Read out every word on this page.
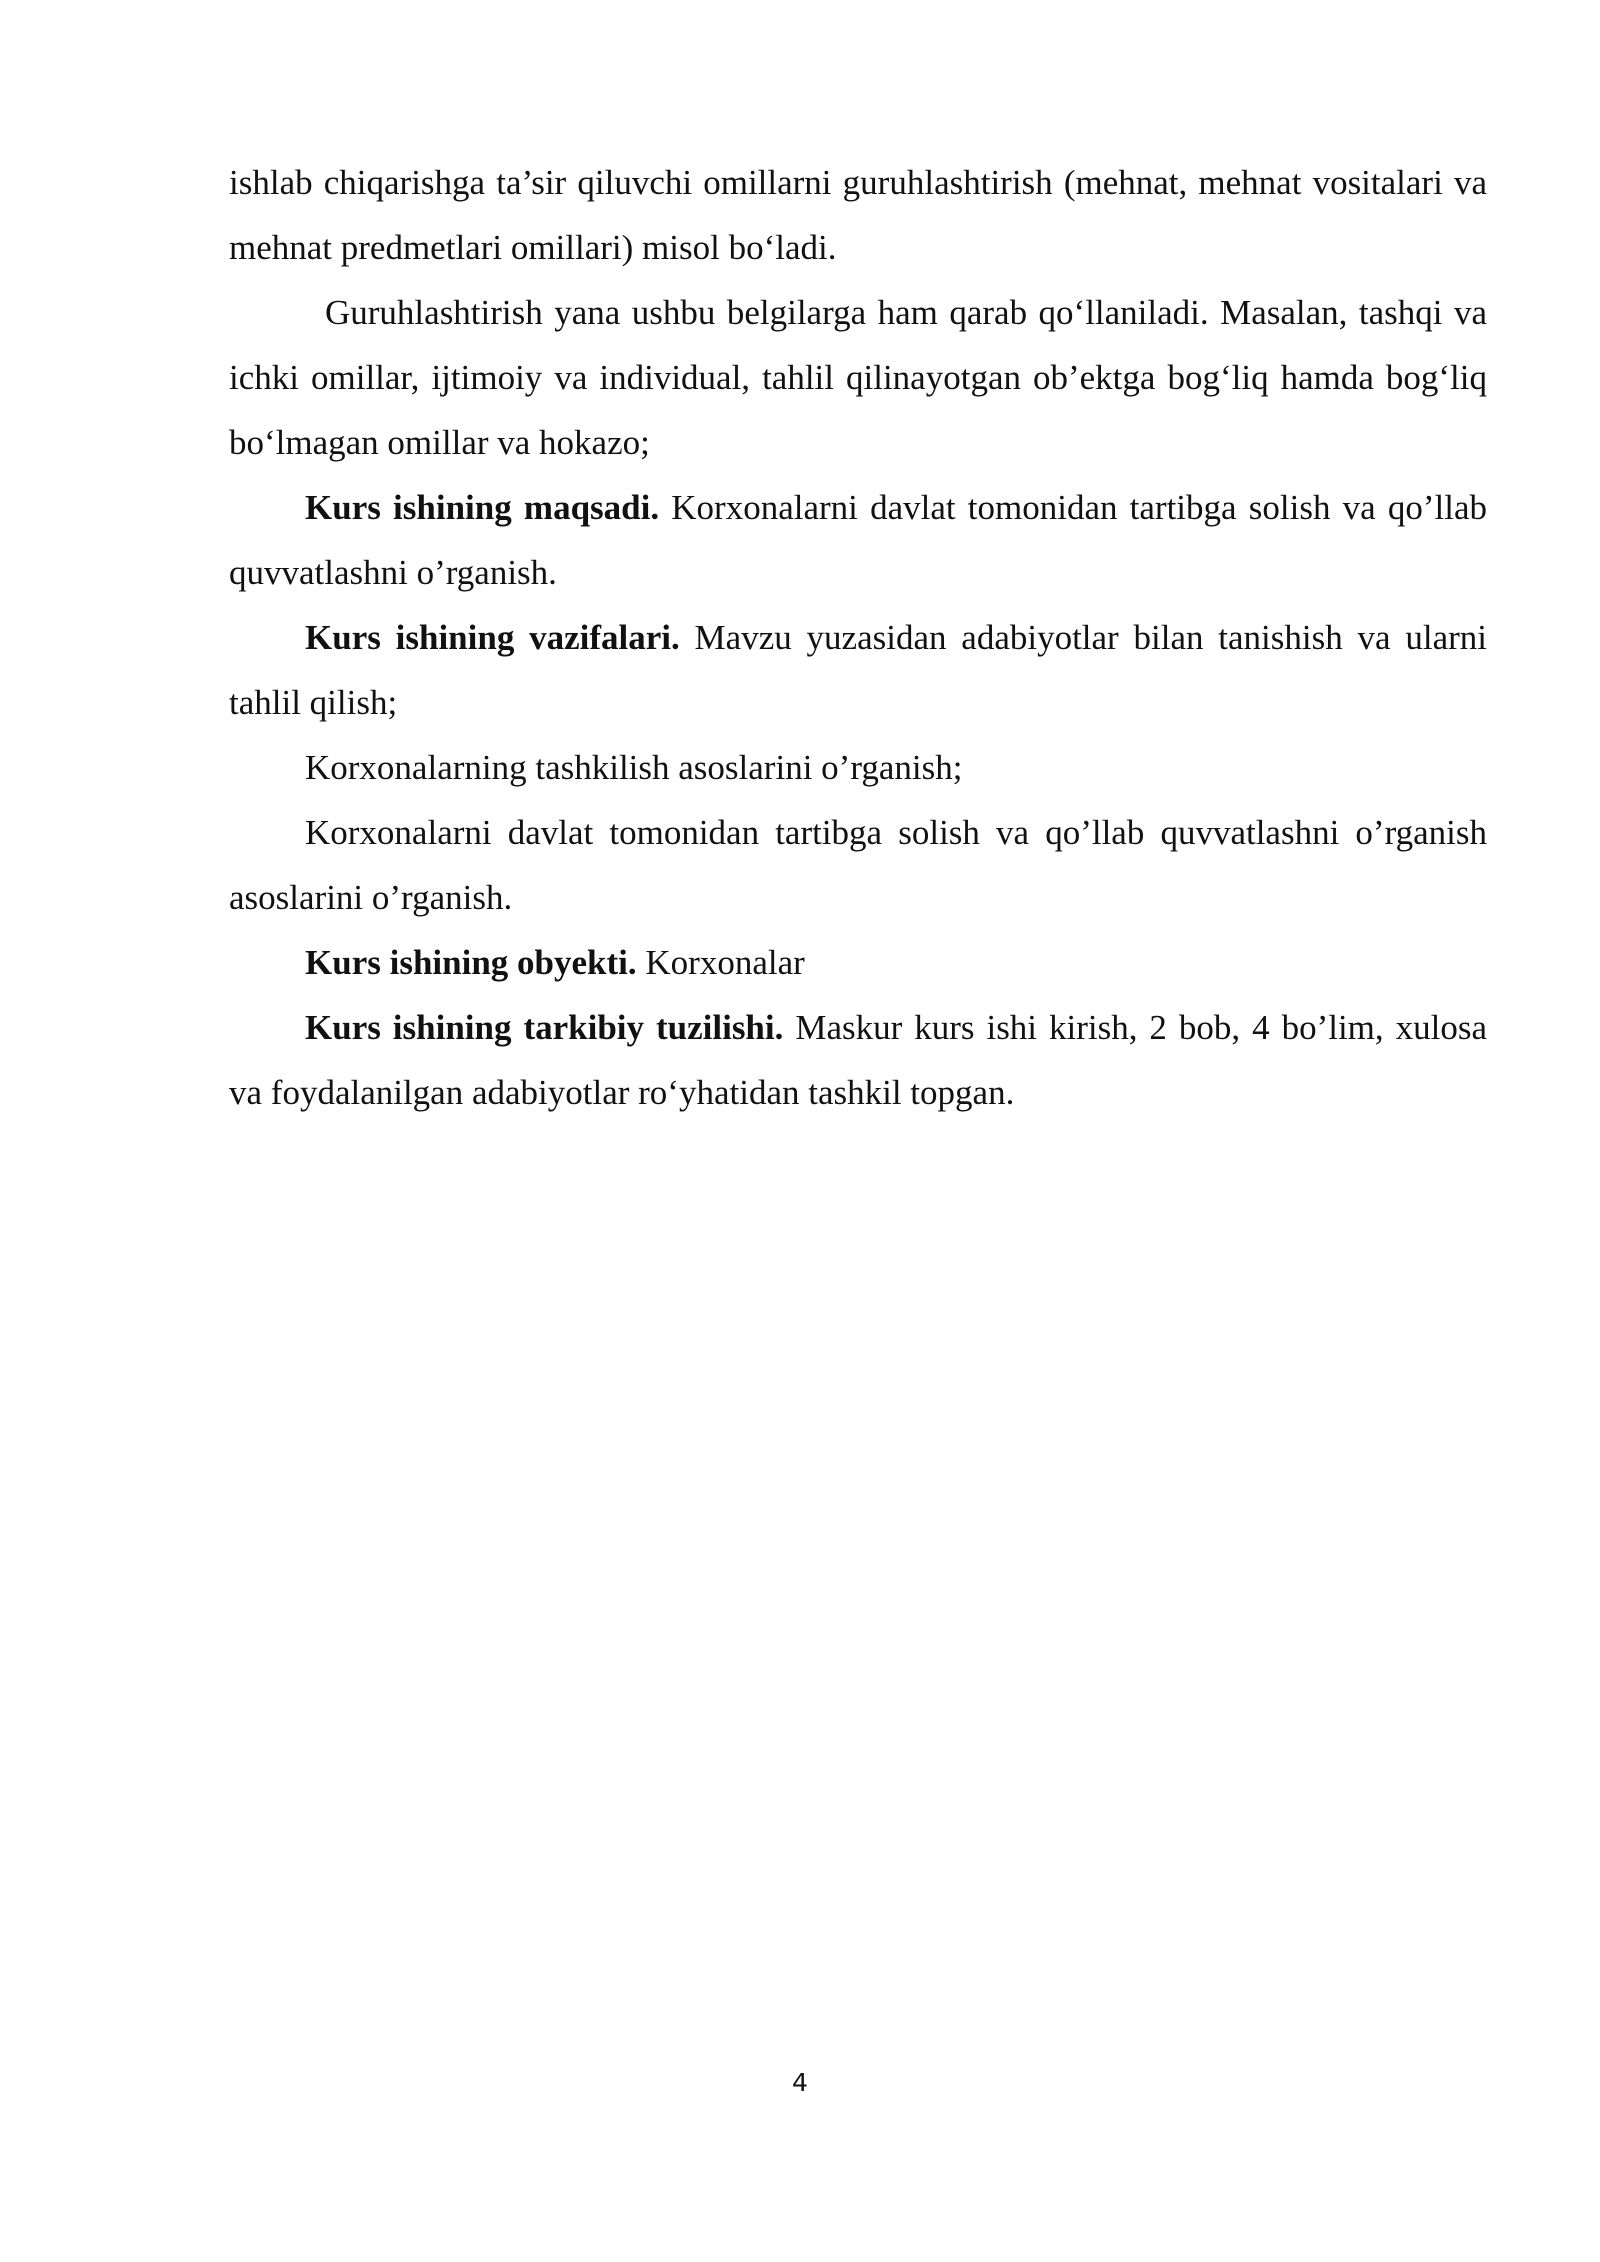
ishlab chiqarishga ta’sir qiluvchi omillarni guruhlashtirish (mehnat, mehnat vositalari va mehnat predmetlari omillari) misol bo‘ladi.

Guruhlashtirish yana ushbu belgilarga ham qarab qo‘llaniladi. Masalan, tashqi va ichki omillar, ijtimoiy va individual, tahlil qilinayotgan ob’ektga bog‘liq hamda bog‘liq bo‘lmagan omillar va hokazo;

Kurs ishining maqsadi. Korxonalarni davlat tomonidan tartibga solish va qo’llab quvvatlashni o’rganish.

Kurs ishining vazifalari. Mavzu yuzasidan adabiyotlar bilan tanishish va ularni tahlil qilish;

Korxonalarning tashkilish asoslarini o’rganish;

Korxonalarni davlat tomonidan tartibga solish va qo’llab quvvatlashni o’rganish asoslarini o’rganish.

Kurs ishining obyekti. Korxonalar

Kurs ishining tarkibiy tuzilishi. Maskur kurs ishi kirish, 2 bob, 4 bo’lim, xulosa va foydalanilgan adabiyotlar ro‘yhatidan tashkil topgan.

4
